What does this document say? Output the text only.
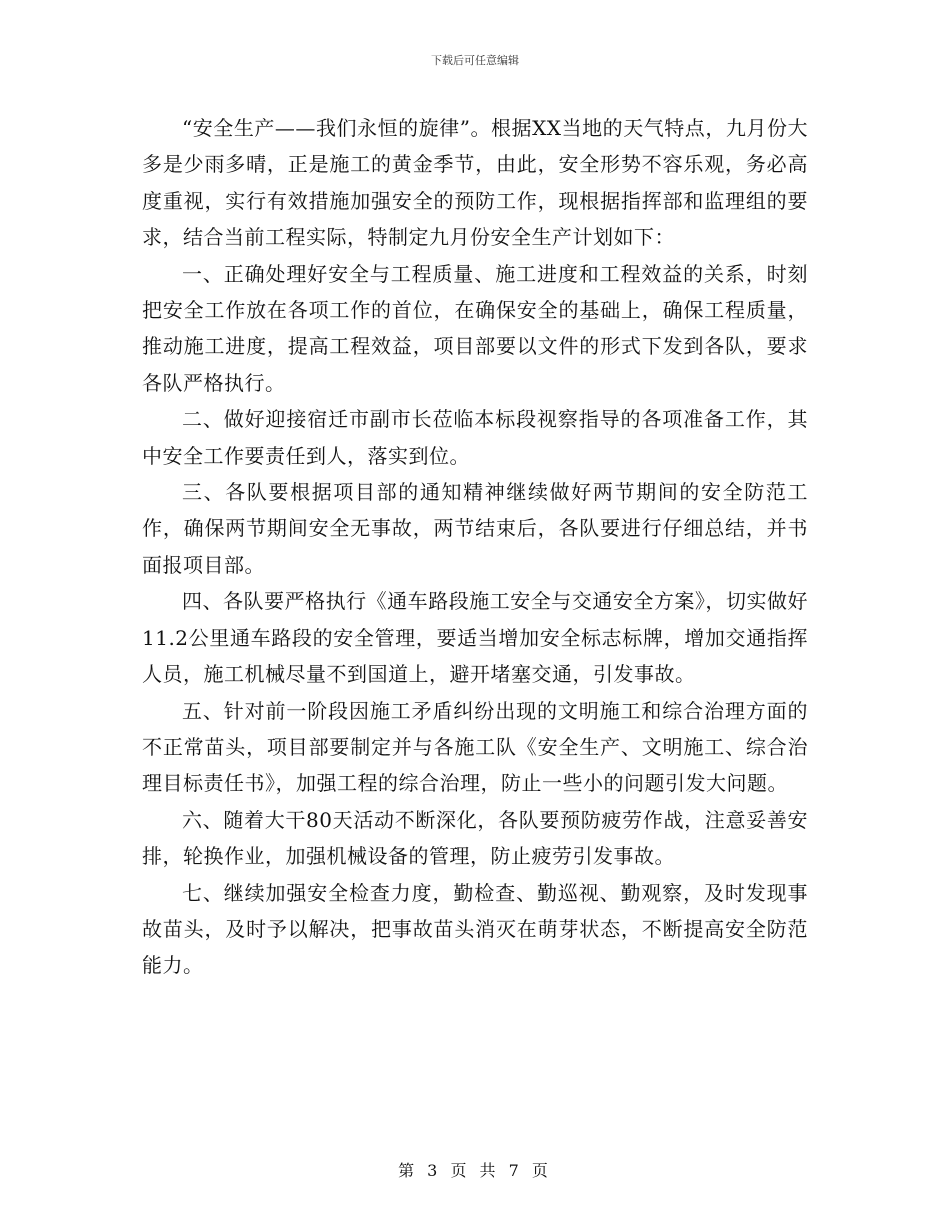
下载后可任意编辑

“安全生产——我们永恒的旋律”。根据XX当地的天气特点，九月份大多是少雨多晴，正是施工的黄金季节，由此，安全形势不容乐观，务必高度重视，实行有效措施加强安全的预防工作，现根据指挥部和监理组的要求，结合当前工程实际，特制定九月份安全生产计划如下：

一、正确处理好安全与工程质量、施工进度和工程效益的关系，时刻把安全工作放在各项工作的首位，在确保安全的基础上，确保工程质量，推动施工进度，提高工程效益，项目部要以文件的形式下发到各队，要求各队严格执行。

二、做好迎接宿迁市副市长莅临本标段视察指导的各项准备工作，其中安全工作要责任到人，落实到位。

三、各队要根据项目部的通知精神继续做好两节期间的安全防范工作，确保两节期间安全无事故，两节结束后，各队要进行仔细总结，并书面报项目部。

四、各队要严格执行《通车路段施工安全与交通安全方案》，切实做好11.2公里通车路段的安全管理，要适当增加安全标志标牌，增加交通指挥人员，施工机械尽量不到国道上，避开堵塞交通，引发事故。

五、针对前一阶段因施工矛盾纠纷出现的文明施工和综合治理方面的不正常苗头，项目部要制定并与各施工队《安全生产、文明施工、综合治理目标责任书》，加强工程的综合治理，防止一些小的问题引发大问题。

六、随着大干80天活动不断深化，各队要预防疲劳作战，注意妥善安排，轮换作业，加强机械设备的管理，防止疲劳引发事故。

七、继续加强安全检查力度，勤检查、勤巡视、勤观察，及时发现事故苗头，及时予以解决，把事故苗头消灭在萌芽状态，不断提高安全防范能力。

第 3 页 共 7 页
